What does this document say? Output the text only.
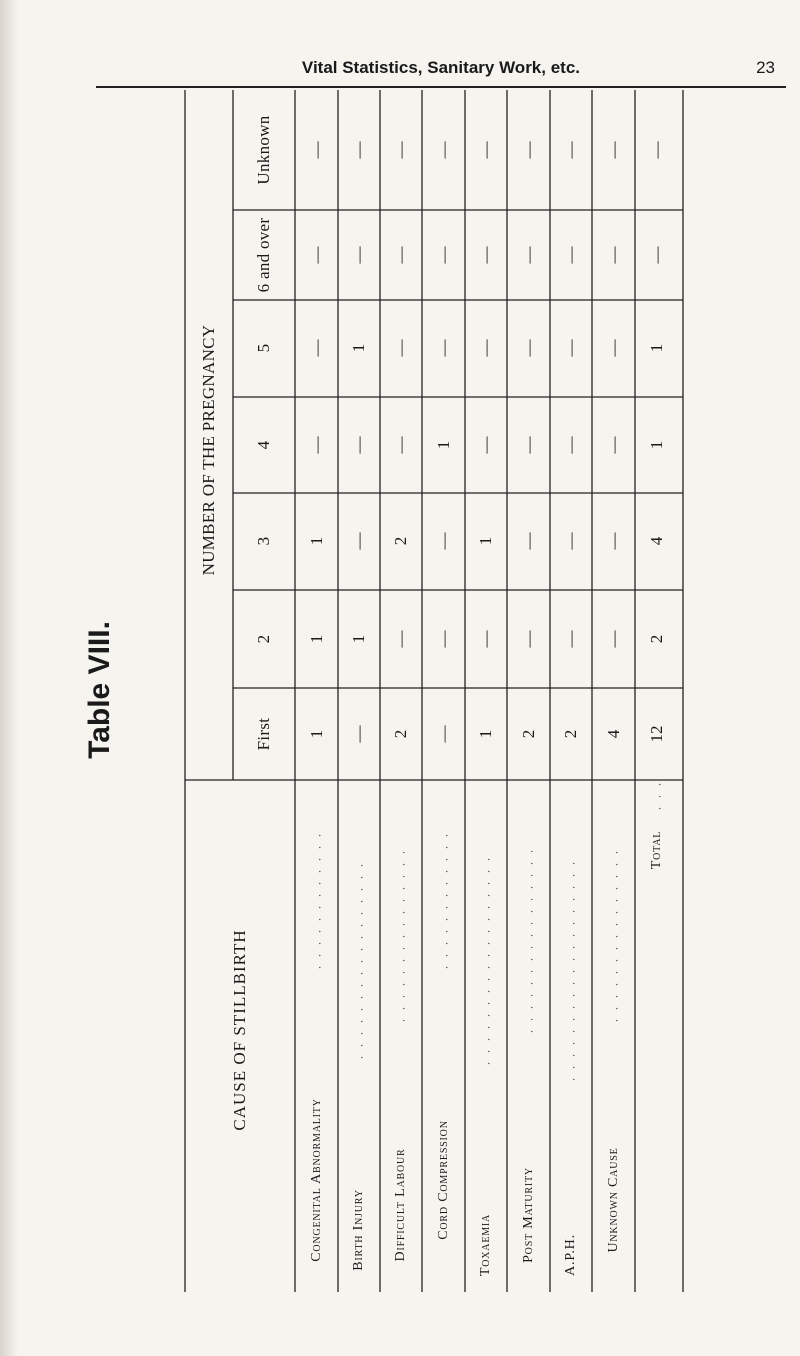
Vital Statistics, Sanitary Work, etc.	23
Table VIII.
CAUSE OF STILLBIRTH
NUMBER OF THE PREGNANCY
First
2
3
4
5
6 and over
Unknown
Congenital Abnormality
. . . . . . . . . . . .
Birth Injury
. . . . . . . . . . . . . . . . .
Difficult Labour
. . . . . . . . . . . . . . .
Cord Compression
. . . . . . . . . . . .
Toxaemia
. . . . . . . . . . . . . . . . . .
Post Maturity
. . . . . . . . . . . . . . . .
A.P.H.
. . . . . . . . . . . . . . . . . . .
Unknown Cause
. . . . . . . . . . . . . . . Total
. . .
1
1
1
—
—
—
—
—
1
—
—
1
—
—
2
—
2
—
—
—
—
—
—
—
1
—
—
—
1
—
1
—
—
—
—
2
—
—
—
—
—
—
2
—
—
—
—
—
—
4
—
—
—
—
—
—
12
2
4
1
1
—
—
